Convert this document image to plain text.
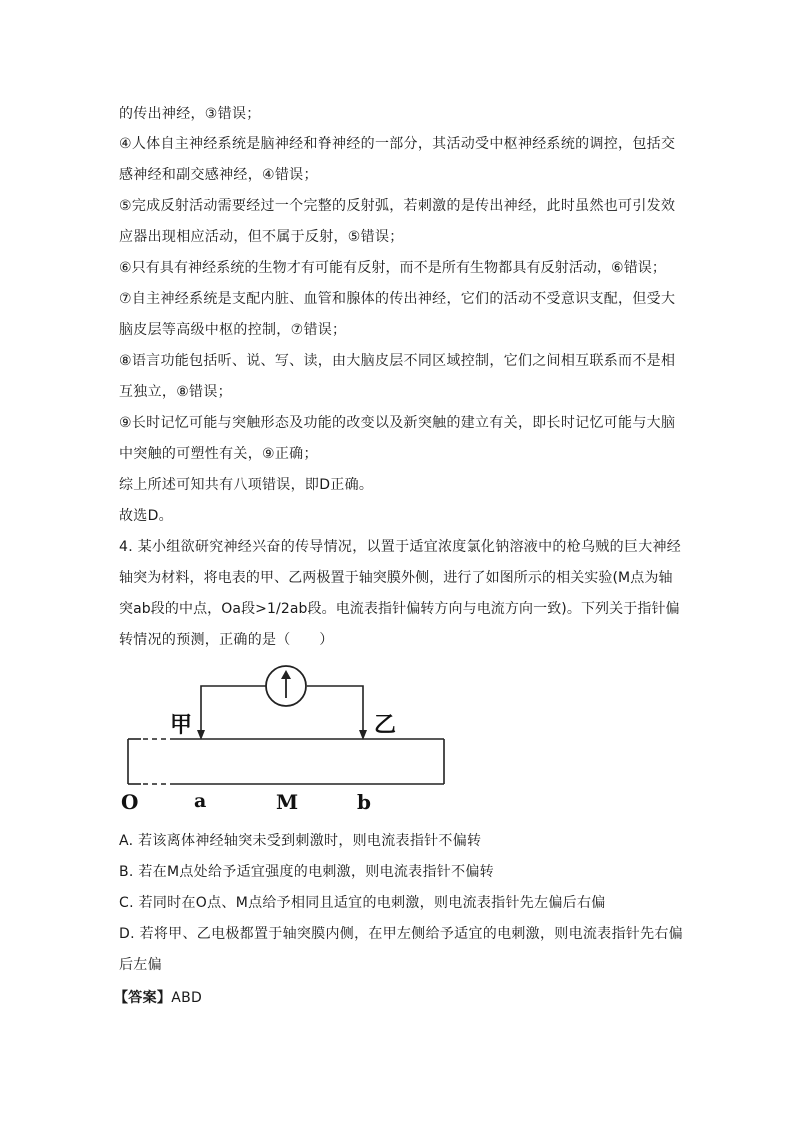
的传出神经，③错误；
④人体自主神经系统是脑神经和脊神经的一部分，其活动受中枢神经系统的调控，包括交
感神经和副交感神经，④错误；
⑤完成反射活动需要经过一个完整的反射弧，若刺激的是传出神经，此时虽然也可引发效
应器出现相应活动，但不属于反射，⑤错误；
⑥只有具有神经系统的生物才有可能有反射，而不是所有生物都具有反射活动，⑥错误；
⑦自主神经系统是支配内脏、血管和腺体的传出神经，它们的活动不受意识支配，但受大
脑皮层等高级中枢的控制，⑦错误；
⑧语言功能包括听、说、写、读，由大脑皮层不同区域控制，它们之间相互联系而不是相
互独立，⑧错误；
⑨长时记忆可能与突触形态及功能的改变以及新突触的建立有关，即长时记忆可能与大脑
中突触的可塑性有关，⑨正确；
综上所述可知共有八项错误，即D正确。
故选D。
4. 某小组欲研究神经兴奋的传导情况，以置于适宜浓度氯化钠溶液中的枪乌贼的巨大神经
轴突为材料，将电表的甲、乙两极置于轴突膜外侧，进行了如图所示的相关实验(M点为轴
突ab段的中点，Oa段>1/2ab段。电流表指针偏转方向与电流方向一致)。下列关于指针偏
转情况的预测，正确的是（　　）
甲	乙
O	a	M	b
A. 若该离体神经轴突未受到刺激时，则电流表指针不偏转
B. 若在M点处给予适宜强度的电刺激，则电流表指针不偏转
C. 若同时在O点、M点给予相同且适宜的电刺激，则电流表指针先左偏后右偏
D. 若将甲、乙电极都置于轴突膜内侧，在甲左侧给予适宜的电刺激，则电流表指针先右偏
后左偏
【答案】ABD
